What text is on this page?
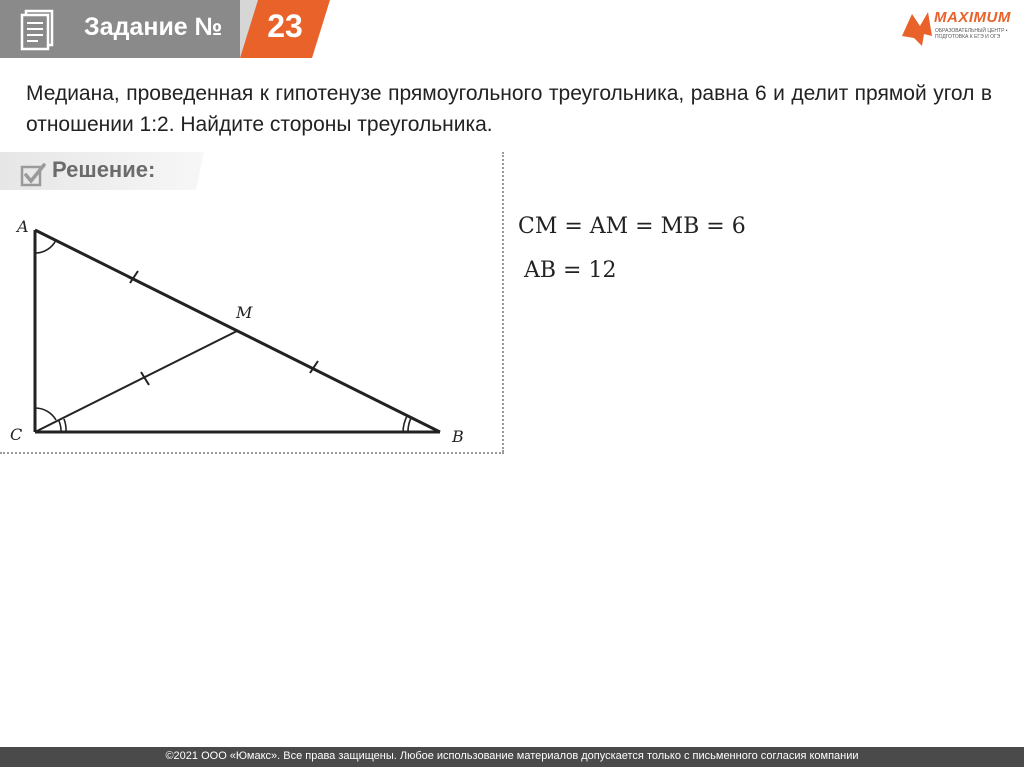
Задание №	23	MAXIMUM
ОБРАЗОВАТЕЛЬНЫЙ ЦЕНТР • ПОДГОТОВКА К ЕГЭ И ОГЭ
Медиана, проведенная к гипотенузе прямоугольного треугольника, равна 6 и делит прямой угол в отношении 1:2. Найдите стороны треугольника.
Решение:
A
M
C	B
CM = AM = MB = 6
AB = 12
©2021 ООО «Юмакс». Все права защищены. Любое использование материалов допускается только с письменного согласия компании
